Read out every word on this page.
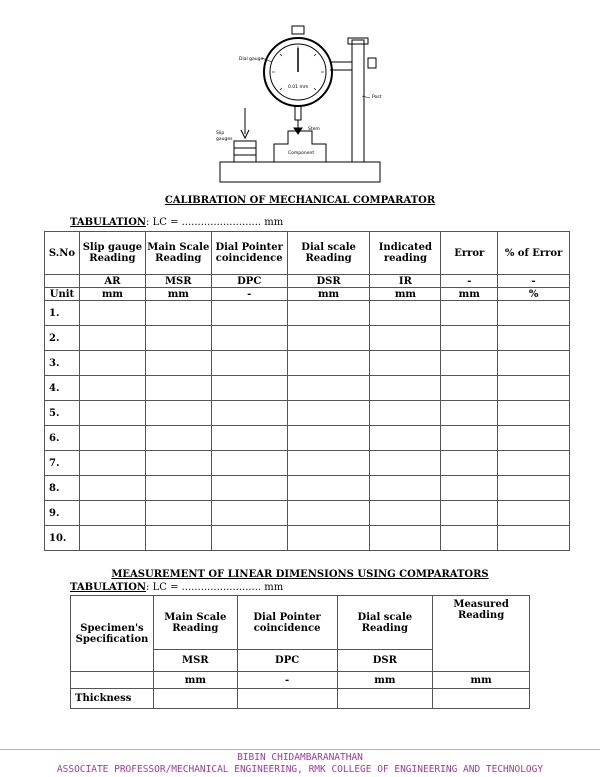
Dial gauge
0.01 mm
Post
Stem
Slip
gauges
Component
CALIBRATION OF MECHANICAL COMPARATOR
TABULATION: LC = ......................... mm
S.No	Slip gauge Reading	Main Scale Reading	Dial Pointer coincidence	Dial scale Reading	Indicated reading	Error	% of Error
	AR	MSR	DPC	DSR	IR	-	-
Unit	mm	mm	-	mm	mm	mm	%
1.							
2.							
3.							
4.							
5.							
6.							
7.							
8.							
9.							
10.							
MEASUREMENT OF LINEAR DIMENSIONS USING COMPARATORS
TABULATION: LC = ......................... mm
Specimen's Specification	Main Scale Reading	Dial Pointer coincidence	Dial scale Reading	Measured Reading
	MSR	DPC	DSR	
	mm	-	mm	mm
Thickness				
BIBIN CHIDAMBARANATHAN
ASSOCIATE PROFESSOR/MECHANICAL ENGINEERING, RMK COLLEGE OF ENGINEERING AND TECHNOLOGY
